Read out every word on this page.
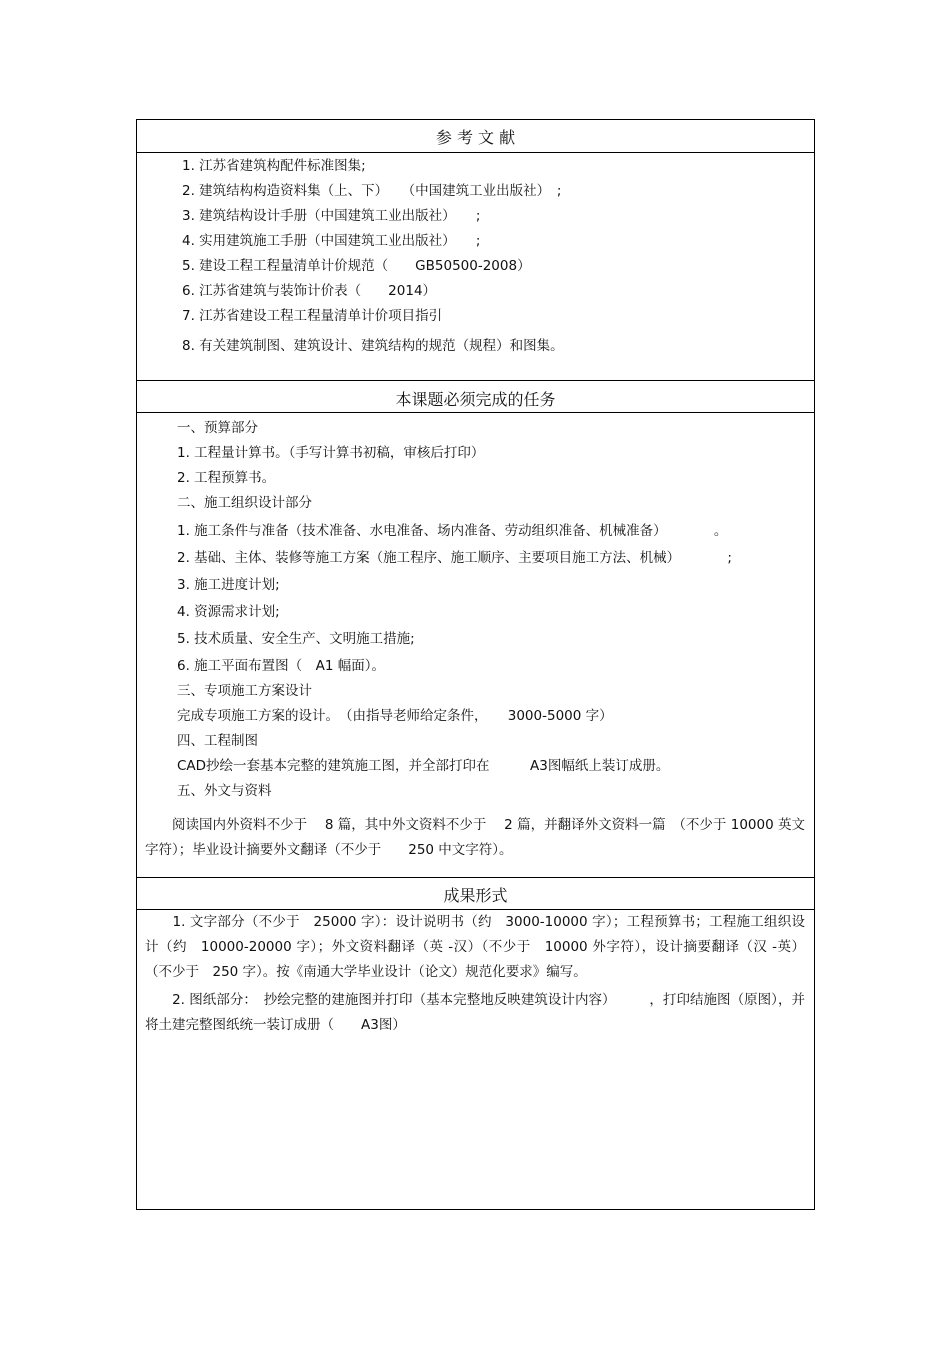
参 考 文 献
1. 江苏省建筑构配件标准图集;
2. 建筑结构构造资料集（上、下）　　（中国建筑工业出版社）　;
3. 建筑结构设计手册（中国建筑工业出版社）　　;
4. 实用建筑施工手册（中国建筑工业出版社）　　;
5. 建设工程工程量清单计价规范（　　GB50500-2008）
6. 江苏省建筑与装饰计价表（　　2014）
7. 江苏省建设工程工程量清单计价项目指引
8. 有关建筑制图、建筑设计、建筑结构的规范（规程）和图集。
本课题必须完成的任务
一、预算部分
1. 工程量计算书。（手写计算书初稿，审核后打印）
2. 工程预算书。
二、施工组织设计部分
1. 施工条件与准备（技术准备、水电准备、场内准备、劳动组织准备、机械准备）　　　　。
2. 基础、主体、装修等施工方案（施工程序、施工顺序、主要项目施工方法、机械）　　　　;
3. 施工进度计划;
4. 资源需求计划;
5. 技术质量、安全生产、文明施工措施;
6. 施工平面布置图（　A1 幅面）。
三、专项施工方案设计
完成专项施工方案的设计。　（由指导老师给定条件，　　3000-5000 字）
四、工程制图
CAD抄绘一套基本完整的建筑施工图，并全部打印在　　　A3图幅纸上装订成册。
五、外文与资料
　　阅读国内外资料不少于　 8 篇，其中外文资料不少于　 2 篇，并翻译外文资料一篇　（不少于 10000 英文字符）；毕业设计摘要外文翻译（不少于　　250 中文字符）。
成果形式
　　1. 文字部分（不少于　25000 字）：设计说明书（约　3000-10000 字）；工程预算书；工程施工组织设计（约　10000-20000 字）；外文资料翻译（英 -汉）（不少于　10000 外字符），设计摘要翻译（汉 -英）（不少于　250 字）。按《南通大学毕业设计（论文）规范化要求》编写。
　　2. 图纸部分：　抄绘完整的建施图并打印（基本完整地反映建筑设计内容）　　　，打印结施图（原图），并将土建完整图纸统一装订成册（　　A3图）
